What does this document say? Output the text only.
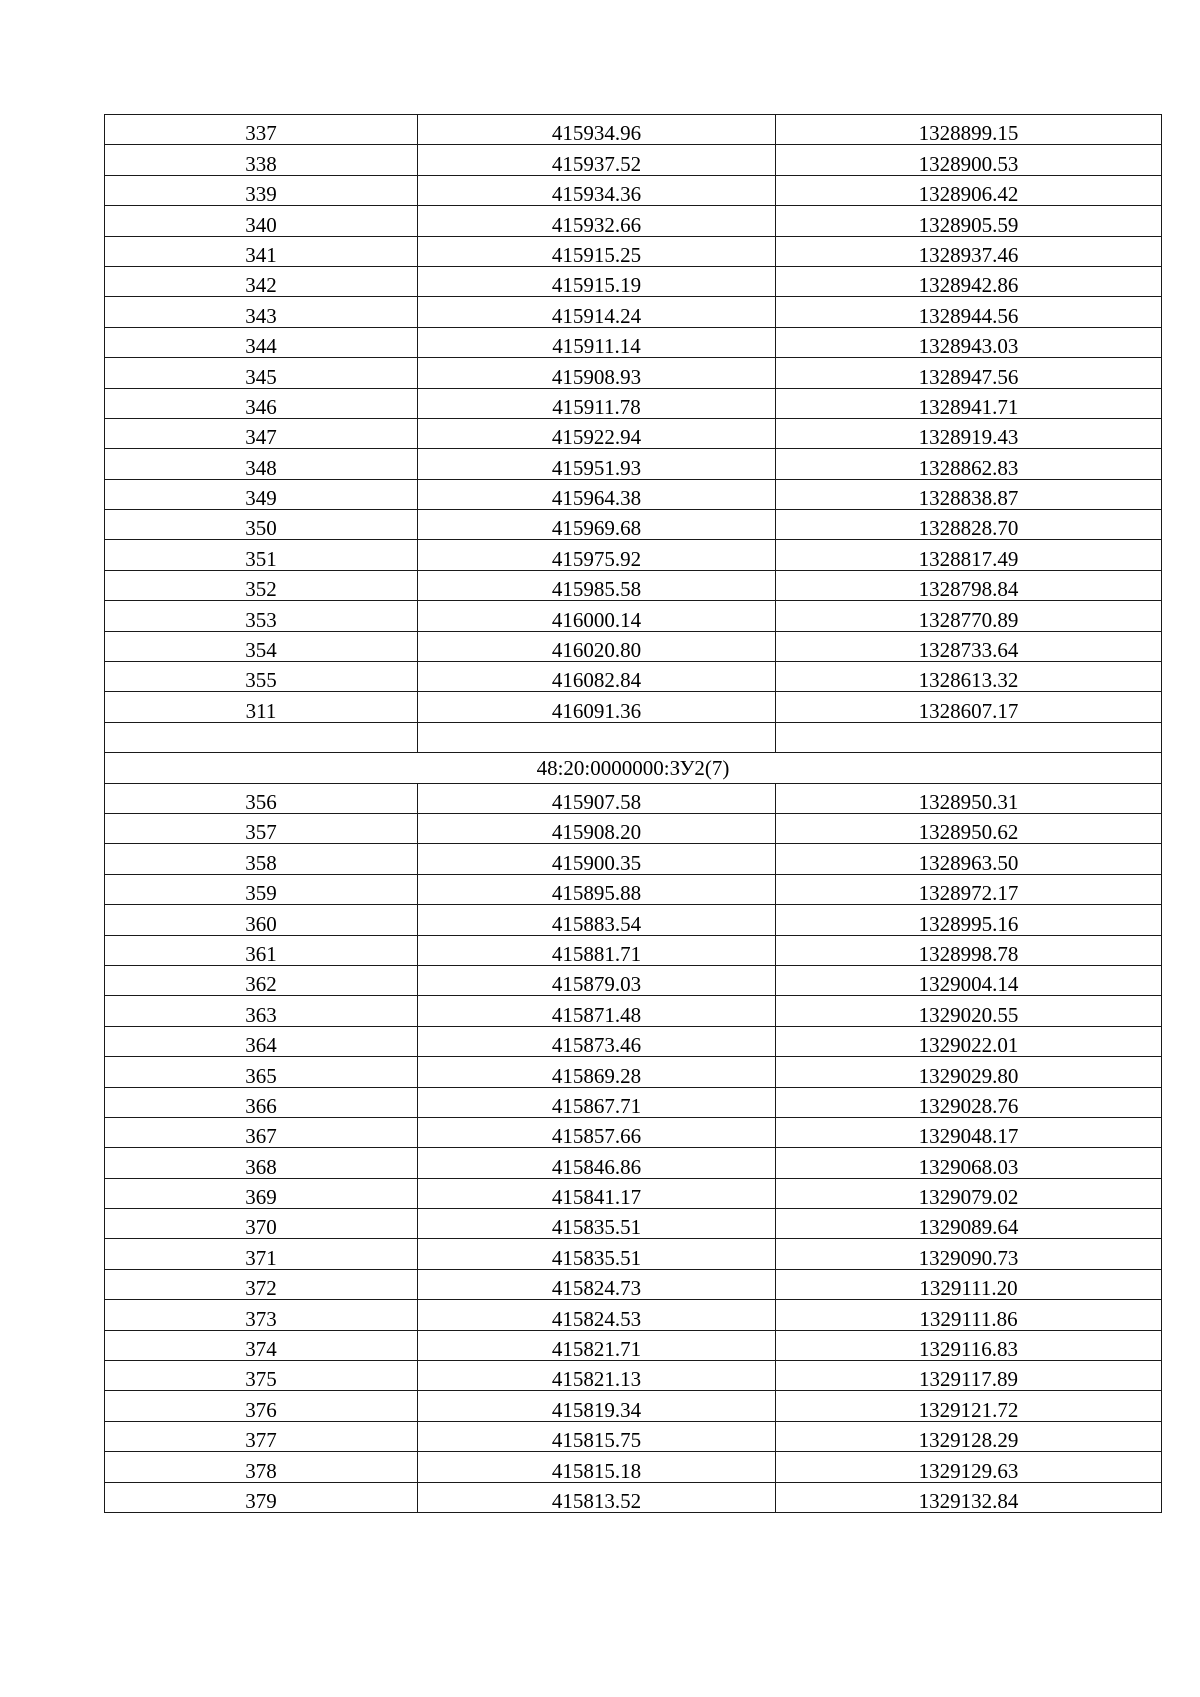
337	415934.96	1328899.15
338	415937.52	1328900.53
339	415934.36	1328906.42
340	415932.66	1328905.59
341	415915.25	1328937.46
342	415915.19	1328942.86
343	415914.24	1328944.56
344	415911.14	1328943.03
345	415908.93	1328947.56
346	415911.78	1328941.71
347	415922.94	1328919.43
348	415951.93	1328862.83
349	415964.38	1328838.87
350	415969.68	1328828.70
351	415975.92	1328817.49
352	415985.58	1328798.84
353	416000.14	1328770.89
354	416020.80	1328733.64
355	416082.84	1328613.32
311	416091.36	1328607.17

48:20:0000000:ЗУ2(7)		
356	415907.58	1328950.31
357	415908.20	1328950.62
358	415900.35	1328963.50
359	415895.88	1328972.17
360	415883.54	1328995.16
361	415881.71	1328998.78
362	415879.03	1329004.14
363	415871.48	1329020.55
364	415873.46	1329022.01
365	415869.28	1329029.80
366	415867.71	1329028.76
367	415857.66	1329048.17
368	415846.86	1329068.03
369	415841.17	1329079.02
370	415835.51	1329089.64
371	415835.51	1329090.73
372	415824.73	1329111.20
373	415824.53	1329111.86
374	415821.71	1329116.83
375	415821.13	1329117.89
376	415819.34	1329121.72
377	415815.75	1329128.29
378	415815.18	1329129.63
379	415813.52	1329132.84
